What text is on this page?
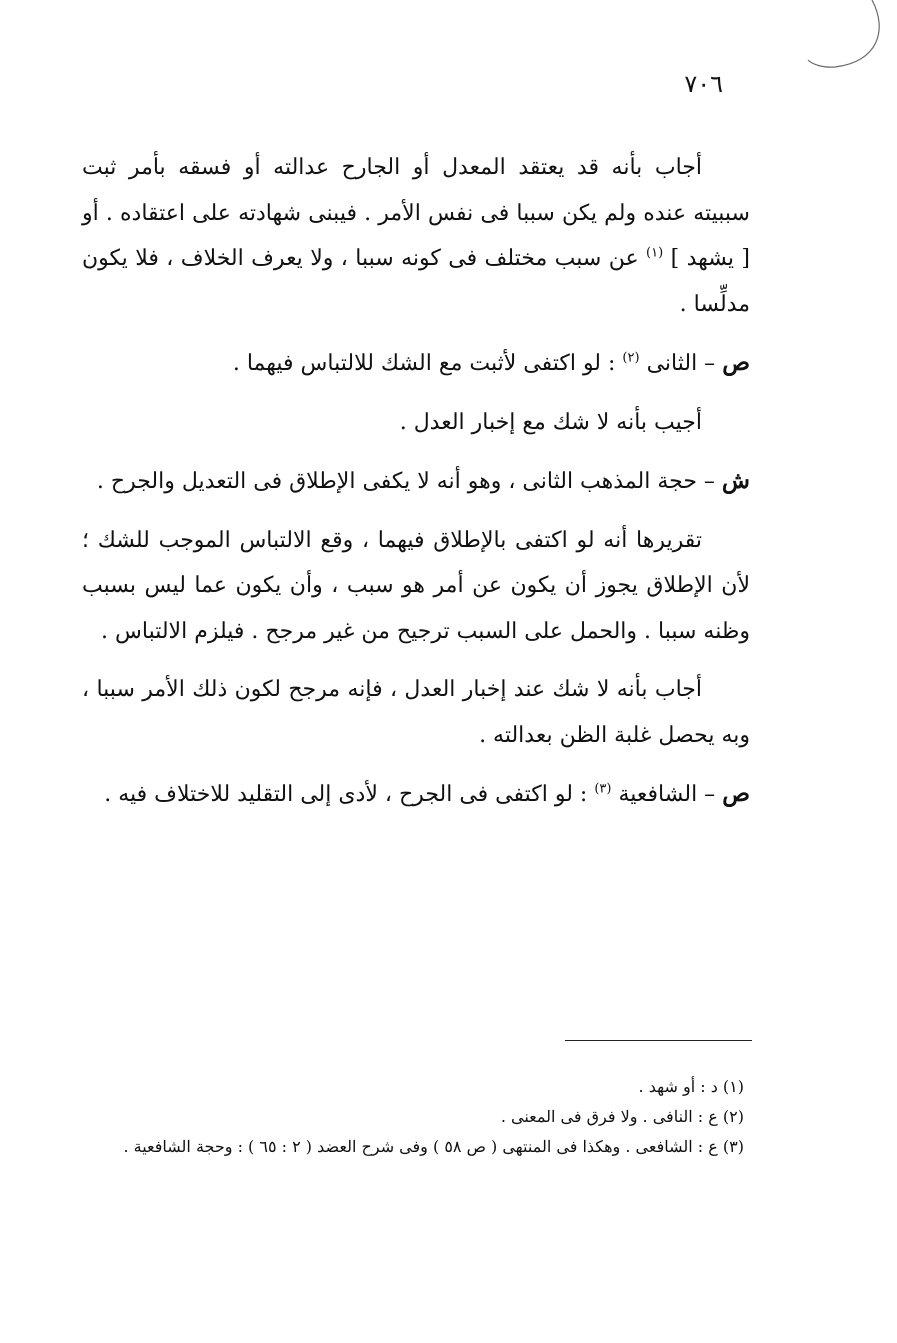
٧٠٦

أجاب بأنه قد يعتقد المعدل أو الجارح عدالته أو فسقه بأمر ثبت سببيته عنده ولم يكن سببا فى نفس الأمر . فيبنى شهادته على اعتقاده . أو [ يشهد ] $^{(١)}$ عن سبب مختلف فى كونه سببا ، ولا يعرف الخلاف ، فلا يكون مدلِّسا .

ص – الثانى $^{(٢)}$ : لو اكتفى لأثبت مع الشك للالتباس فيهما .

أجيب بأنه لا شك مع إخبار العدل .

ش – حجة المذهب الثانى ، وهو أنه لا يكفى الإطلاق فى التعديل والجرح .

تقريرها أنه لو اكتفى بالإطلاق فيهما ، وقع الالتباس الموجب للشك ؛ لأن الإطلاق يجوز أن يكون عن أمر هو سبب ، وأن يكون عما ليس بسبب وظنه سببا . والحمل على السبب ترجيح من غير مرجح . فيلزم الالتباس .

أجاب بأنه لا شك عند إخبار العدل ، فإنه مرجح لكون ذلك الأمر سببا ، وبه يحصل غلبة الظن بعدالته .

ص – الشافعية $^{(٣)}$ : لو اكتفى فى الجرح ، لأدى إلى التقليد للاختلاف فيه .

(١) د : أو شهد .

(٢) ع : النافى . ولا فرق فى المعنى .

(٣) ع : الشافعى . وهكذا فى المنتهى ( ص ٥٨ ) وفى شرح العضد ( ٢ : ٦٥ ) : وحجة الشافعية .
